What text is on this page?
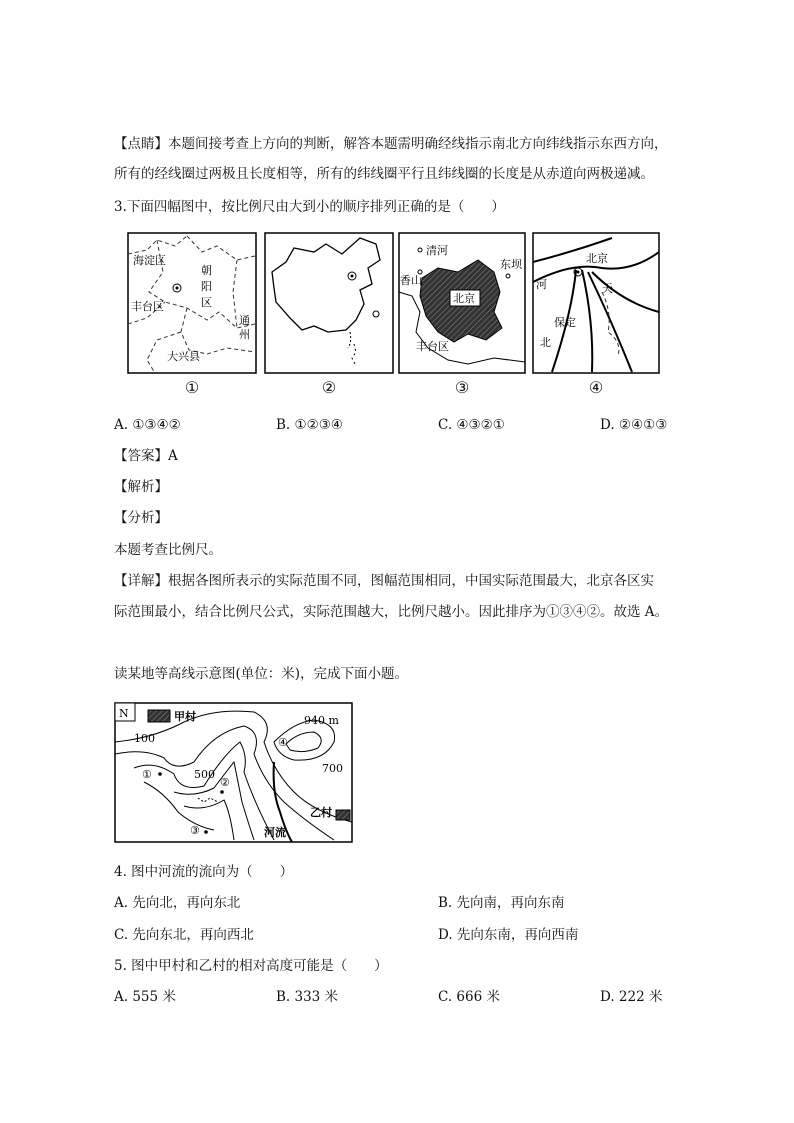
【点睛】本题间接考查上方向的判断，解答本题需明确经线指示南北方向纬线指示东西方向，
所有的经线圈过两极且长度相等，所有的纬线圈平行且纬线圈的长度是从赤道向两极递减。
3.下面四幅图中，按比例尺由大到小的顺序排列正确的是（　　）
海淀区
朝
阳
区
丰台区
通
州
大兴县
清河
香山
东坝
北京
丰台区
北京
河
保定
北
天
①	②	③	④
A. ①③④②	B. ①②③④	C. ④③②①	D. ②④①③
【答案】A
【解析】
【分析】
本题考查比例尺。
【详解】根据各图所表示的实际范围不同，图幅范围相同，中国实际范围最大，北京各区实
际范围最小，结合比例尺公式，实际范围越大，比例尺越小。因此排序为①③④②。故选 A。
读某地等高线示意图(单位：米)，完成下面小题。
N	甲村	940 m
100	④
①	500
②
700
乙村
③	河流
4. 图中河流的流向为（　　）
A. 先向北，再向东北	B. 先向南，再向东南
C. 先向东北，再向西北	D. 先向东南，再向西南
5. 图中甲村和乙村的相对高度可能是（　　）
A. 555 米	B. 333 米	C. 666 米	D. 222 米
